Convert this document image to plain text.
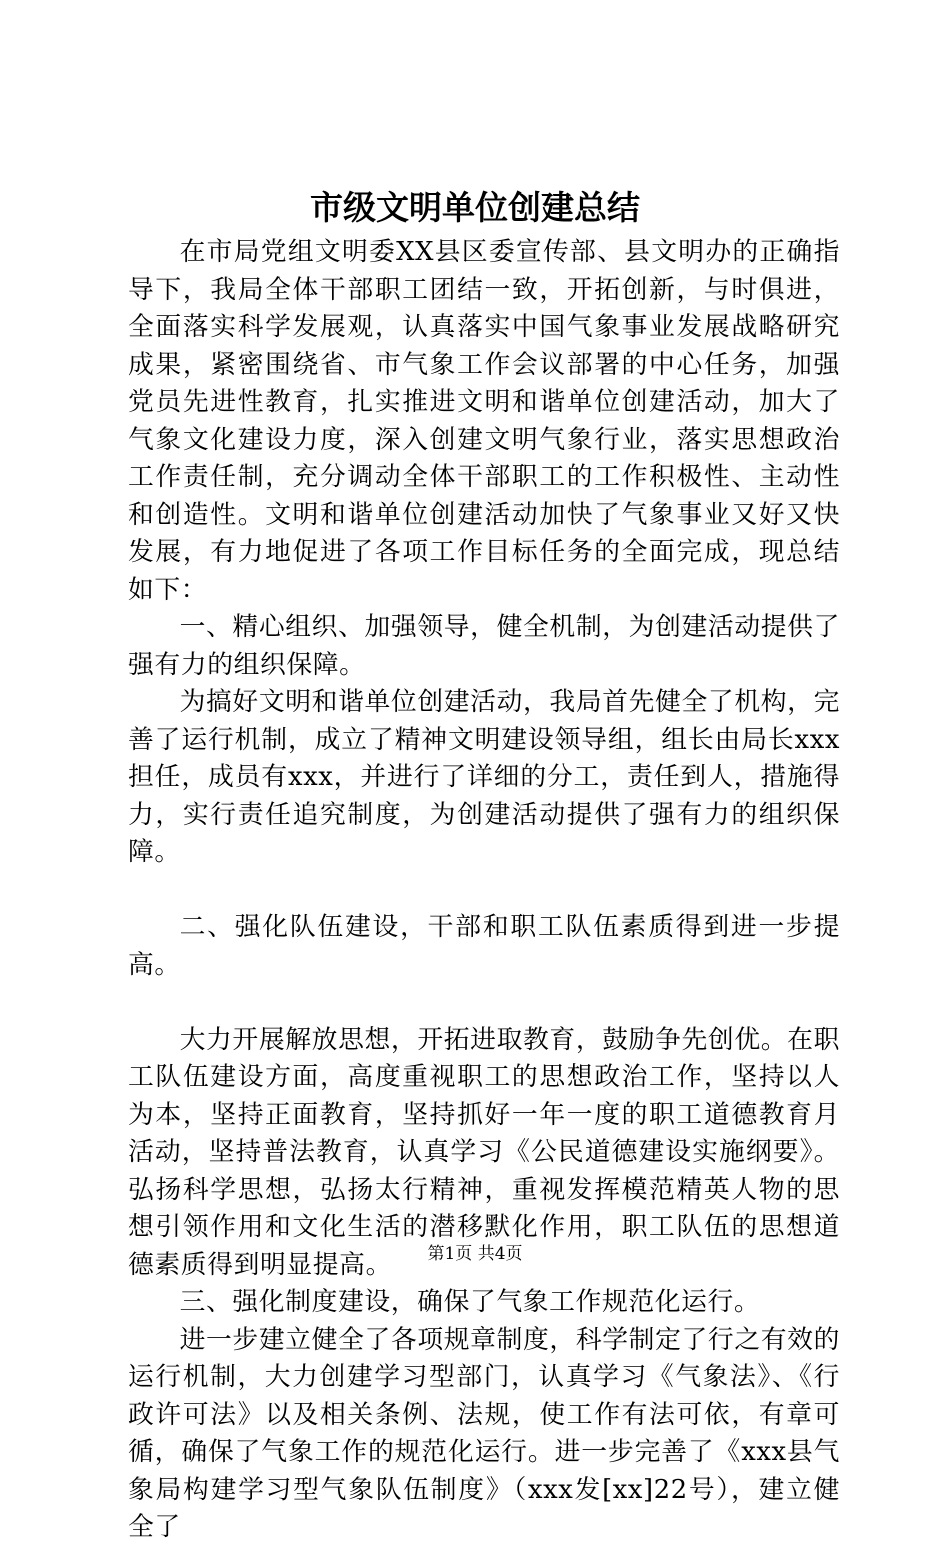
市级文明单位创建总结

在市局党组文明委XX县区委宣传部、县文明办的正确指导下，我局全体干部职工团结一致，开拓创新，与时俱进，全面落实科学发展观，认真落实中国气象事业发展战略研究成果，紧密围绕省、市气象工作会议部署的中心任务，加强党员先进性教育，扎实推进文明和谐单位创建活动，加大了气象文化建设力度，深入创建文明气象行业，落实思想政治工作责任制，充分调动全体干部职工的工作积极性、主动性和创造性。文明和谐单位创建活动加快了气象事业又好又快发展，有力地促进了各项工作目标任务的全面完成，现总结如下：

一、精心组织、加强领导，健全机制，为创建活动提供了强有力的组织保障。

为搞好文明和谐单位创建活动，我局首先健全了机构，完善了运行机制，成立了精神文明建设领导组，组长由局长xxx担任，成员有xxx，并进行了详细的分工，责任到人，措施得力，实行责任追究制度，为创建活动提供了强有力的组织保障。

二、强化队伍建设，干部和职工队伍素质得到进一步提高。

大力开展解放思想，开拓进取教育，鼓励争先创优。在职工队伍建设方面，高度重视职工的思想政治工作，坚持以人为本，坚持正面教育，坚持抓好一年一度的职工道德教育月活动，坚持普法教育，认真学习《公民道德建设实施纲要》。弘扬科学思想，弘扬太行精神，重视发挥模范精英人物的思想引领作用和文化生活的潜移默化作用，职工队伍的思想道德素质得到明显提高。

三、强化制度建设，确保了气象工作规范化运行。

进一步建立健全了各项规章制度，科学制定了行之有效的运行机制，大力创建学习型部门，认真学习《气象法》、《行政许可法》以及相关条例、法规，使工作有法可依，有章可循，确保了气象工作的规范化运行。进一步完善了《xxx县气象局构建学习型气象队伍制度》（xxx发[xx]22号），建立健全了

第1页 共4页
